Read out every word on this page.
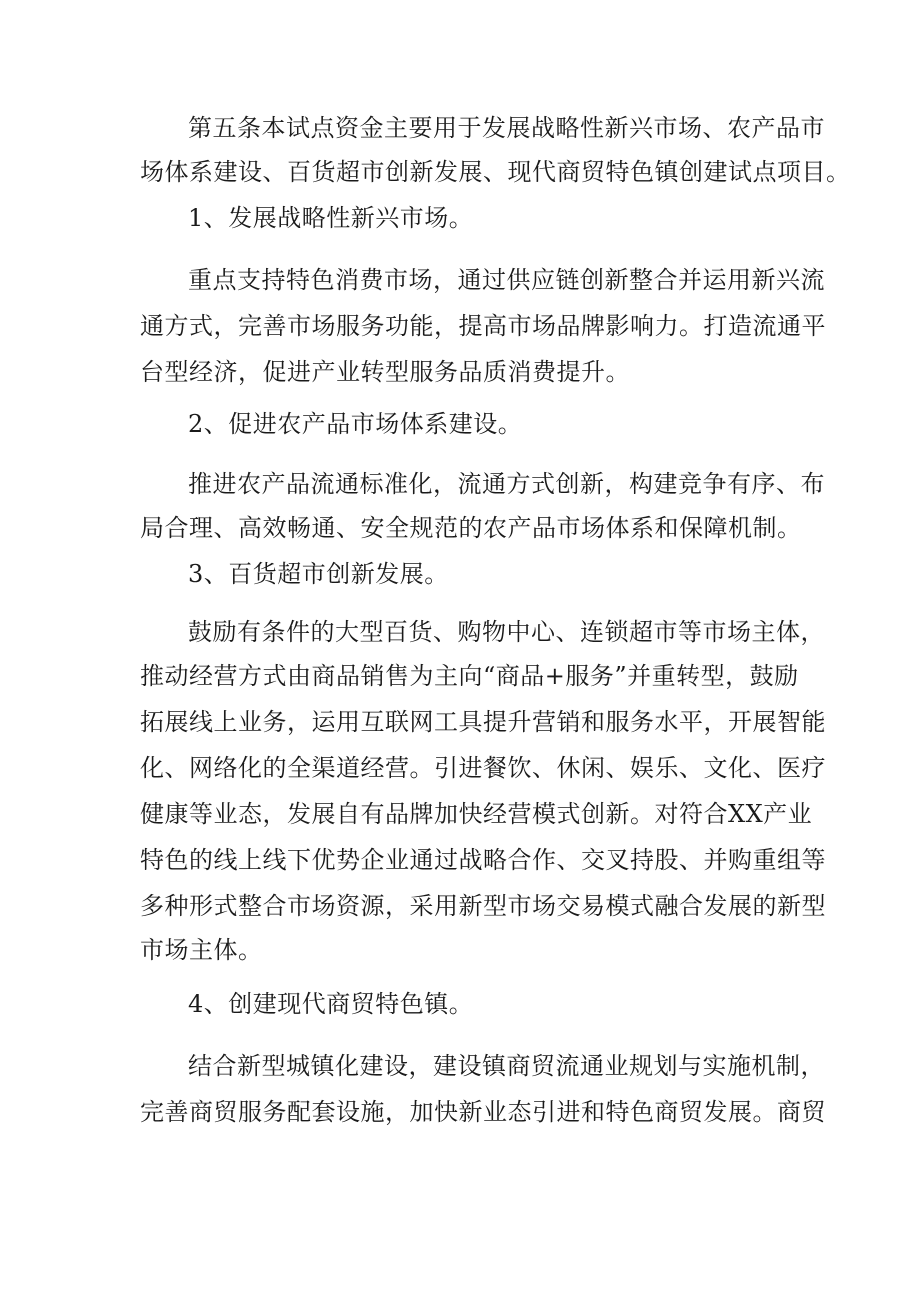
第五条本试点资金主要用于发展战略性新兴市场、农产品市
场体系建设、百货超市创新发展、现代商贸特色镇创建试点项目。
1、发展战略性新兴市场。
重点支持特色消费市场，通过供应链创新整合并运用新兴流
通方式，完善市场服务功能，提高市场品牌影响力。打造流通平
台型经济，促进产业转型服务品质消费提升。
2、促进农产品市场体系建设。
推进农产品流通标准化，流通方式创新，构建竞争有序、布
局合理、高效畅通、安全规范的农产品市场体系和保障机制。
3、百货超市创新发展。
鼓励有条件的大型百货、购物中心、连锁超市等市场主体，
推动经营方式由商品销售为主向“商品+服务”并重转型，鼓励
拓展线上业务，运用互联网工具提升营销和服务水平，开展智能
化、网络化的全渠道经营。引进餐饮、休闲、娱乐、文化、医疗
健康等业态，发展自有品牌加快经营模式创新。对符合XX产业
特色的线上线下优势企业通过战略合作、交叉持股、并购重组等
多种形式整合市场资源，采用新型市场交易模式融合发展的新型
市场主体。
4、创建现代商贸特色镇。
结合新型城镇化建设，建设镇商贸流通业规划与实施机制，
完善商贸服务配套设施，加快新业态引进和特色商贸发展。商贸
